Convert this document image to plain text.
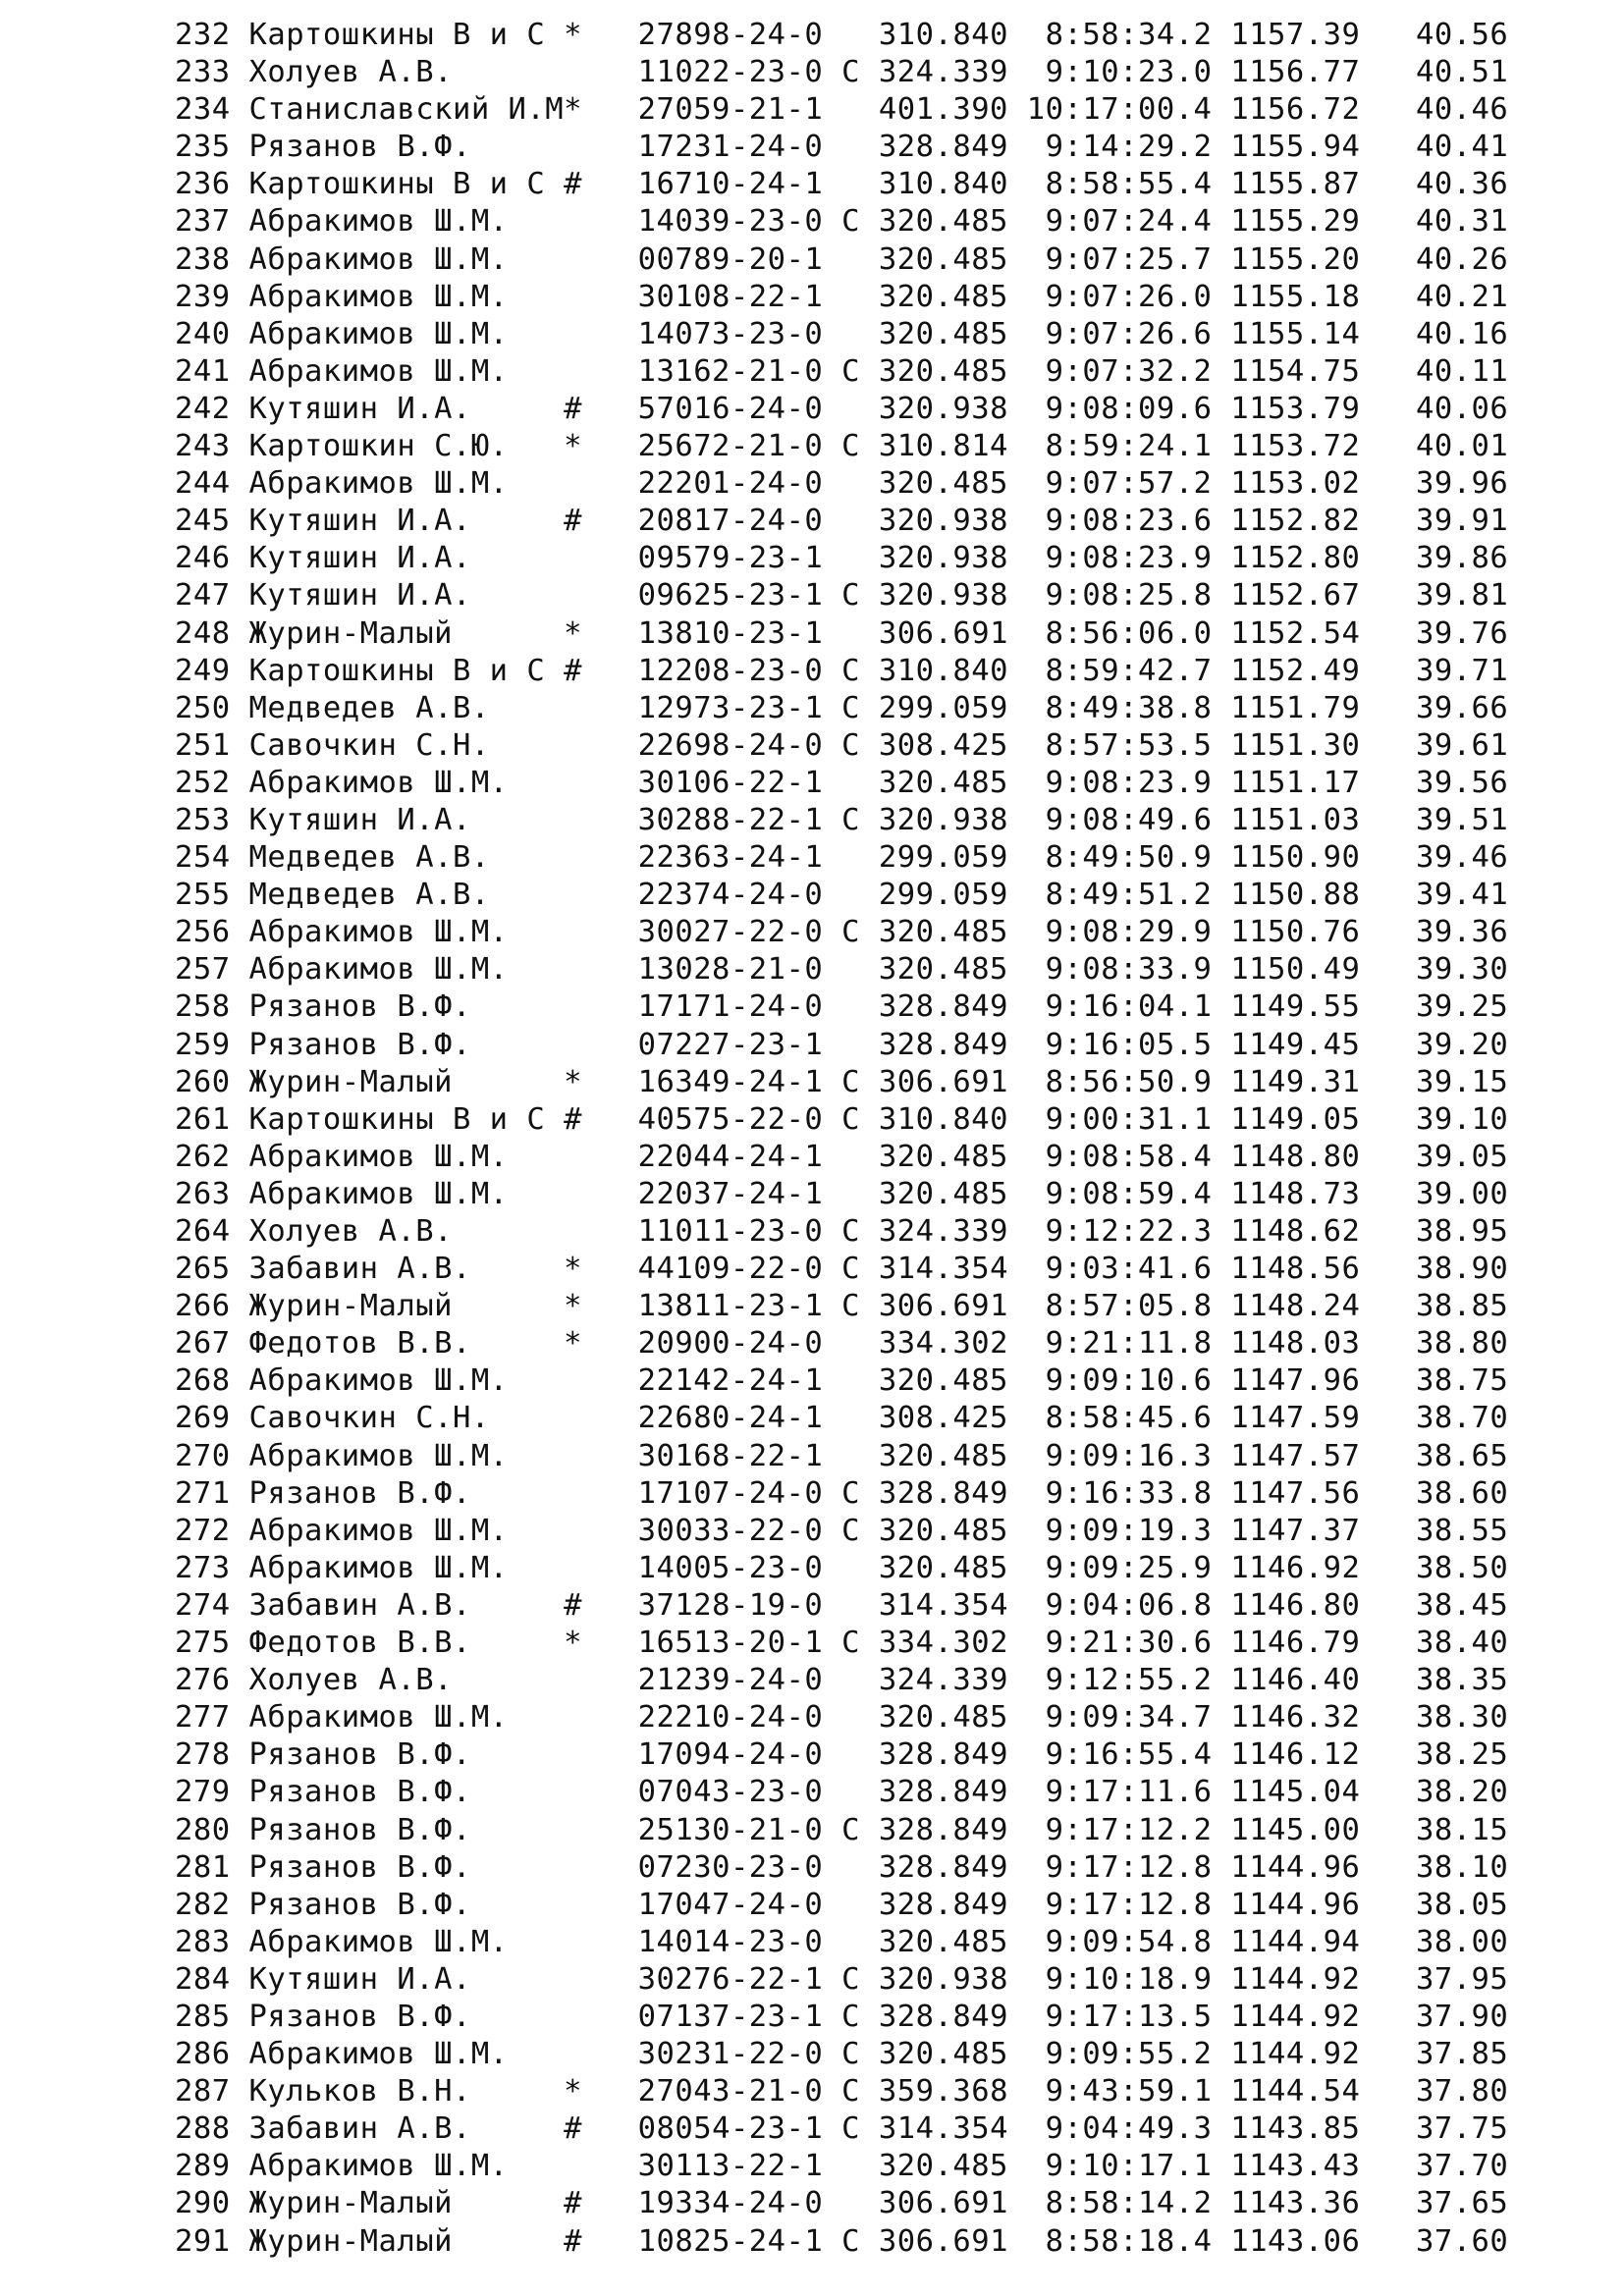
232 Картошкины В и С * 27898-24-0 310.840  8:58:34.2 1157.39   40.56
233 Холуев А.В.	11022-23-0 C 324.339  9:10:23.0 1156.77   40.51
234 Станиславский И.М* 27059-21-1 401.390 10:17:00.4 1156.72   40.46
235 Рязанов В.Ф.	17231-24-0 328.849  9:14:29.2 1155.94   40.41
236 Картошкины В и С # 16710-24-1 310.840  8:58:55.4 1155.87   40.36
237 Абракимов Ш.М.	14039-23-0 C 320.485  9:07:24.4 1155.29   40.31
238 Абракимов Ш.М.	00789-20-1 320.485  9:07:25.7 1155.20   40.26
239 Абракимов Ш.М.	30108-22-1 320.485  9:07:26.0 1155.18   40.21
240 Абракимов Ш.М.	14073-23-0 320.485  9:07:26.6 1155.14   40.16
241 Абракимов Ш.М.	13162-21-0 C 320.485  9:07:32.2 1154.75   40.11
242 Кутяшин И.А.	# 57016-24-0 320.938  9:08:09.6 1153.79   40.06
243 Картошкин С.Ю. * 25672-21-0 C 310.814  8:59:24.1 1153.72   40.01
244 Абракимов Ш.М.	22201-24-0 320.485  9:07:57.2 1153.02   39.96
245 Кутяшин И.А.	# 20817-24-0 320.938  9:08:23.6 1152.82   39.91
246 Кутяшин И.А.	09579-23-1 320.938  9:08:23.9 1152.80   39.86
247 Кутяшин И.А.	09625-23-1 C 320.938  9:08:25.8 1152.67   39.81
248 Журин-Малый	* 13810-23-1 306.691  8:56:06.0 1152.54   39.76
249 Картошкины В и С # 12208-23-0 C 310.840  8:59:42.7 1152.49   39.71
250 Медведев А.В.	12973-23-1 C 299.059  8:49:38.8 1151.79   39.66
251 Савочкин С.Н.	22698-24-0 C 308.425  8:57:53.5 1151.30   39.61
252 Абракимов Ш.М.	30106-22-1 320.485  9:08:23.9 1151.17   39.56
253 Кутяшин И.А.	30288-22-1 C 320.938  9:08:49.6 1151.03   39.51
254 Медведев А.В.	22363-24-1 299.059  8:49:50.9 1150.90   39.46
255 Медведев А.В.	22374-24-0 299.059  8:49:51.2 1150.88   39.41
256 Абракимов Ш.М.	30027-22-0 C 320.485  9:08:29.9 1150.76   39.36
257 Абракимов Ш.М.	13028-21-0 320.485  9:08:33.9 1150.49   39.30
258 Рязанов В.Ф.	17171-24-0 328.849  9:16:04.1 1149.55   39.25
259 Рязанов В.Ф.	07227-23-1 328.849  9:16:05.5 1149.45   39.20
260 Журин-Малый	* 16349-24-1 C 306.691  8:56:50.9 1149.31   39.15
261 Картошкины В и С # 40575-22-0 C 310.840  9:00:31.1 1149.05   39.10
262 Абракимов Ш.М.	22044-24-1 320.485  9:08:58.4 1148.80   39.05
263 Абракимов Ш.М.	22037-24-1 320.485  9:08:59.4 1148.73   39.00
264 Холуев А.В.	11011-23-0 C 324.339  9:12:22.3 1148.62   38.95
265 Забавин А.В.	* 44109-22-0 C 314.354  9:03:41.6 1148.56   38.90
266 Журин-Малый	* 13811-23-1 C 306.691  8:57:05.8 1148.24   38.85
267 Федотов В.В.	* 20900-24-0 334.302  9:21:11.8 1148.03   38.80
268 Абракимов Ш.М.	22142-24-1 320.485  9:09:10.6 1147.96   38.75
269 Савочкин С.Н.	22680-24-1 308.425  8:58:45.6 1147.59   38.70
270 Абракимов Ш.М.	30168-22-1 320.485  9:09:16.3 1147.57   38.65
271 Рязанов В.Ф.	17107-24-0 C 328.849  9:16:33.8 1147.56   38.60
272 Абракимов Ш.М.	30033-22-0 C 320.485  9:09:19.3 1147.37   38.55
273 Абракимов Ш.М.	14005-23-0 320.485  9:09:25.9 1146.92   38.50
274 Забавин А.В.	# 37128-19-0 314.354  9:04:06.8 1146.80   38.45
275 Федотов В.В.	* 16513-20-1 C 334.302  9:21:30.6 1146.79   38.40
276 Холуев А.В.	21239-24-0 324.339  9:12:55.2 1146.40   38.35
277 Абракимов Ш.М.	22210-24-0 320.485  9:09:34.7 1146.32   38.30
278 Рязанов В.Ф.	17094-24-0 328.849  9:16:55.4 1146.12   38.25
279 Рязанов В.Ф.	07043-23-0 328.849  9:17:11.6 1145.04   38.20
280 Рязанов В.Ф.	25130-21-0 C 328.849  9:17:12.2 1145.00   38.15
281 Рязанов В.Ф.	07230-23-0 328.849  9:17:12.8 1144.96   38.10
282 Рязанов В.Ф.	17047-24-0 328.849  9:17:12.8 1144.96   38.05
283 Абракимов Ш.М.	14014-23-0 320.485  9:09:54.8 1144.94   38.00
284 Кутяшин И.А.	30276-22-1 C 320.938  9:10:18.9 1144.92   37.95
285 Рязанов В.Ф.	07137-23-1 C 328.849  9:17:13.5 1144.92   37.90
286 Абракимов Ш.М.	30231-22-0 C 320.485  9:09:55.2 1144.92   37.85
287 Кульков В.Н.	* 27043-21-0 C 359.368  9:43:59.1 1144.54   37.80
288 Забавин А.В.	# 08054-23-1 C 314.354  9:04:49.3 1143.85   37.75
289 Абракимов Ш.М.	30113-22-1 320.485  9:10:17.1 1143.43   37.70
290 Журин-Малый	# 19334-24-0 306.691  8:58:14.2 1143.36   37.65
291 Журин-Малый	# 10825-24-1 C 306.691  8:58:18.4 1143.06   37.60
